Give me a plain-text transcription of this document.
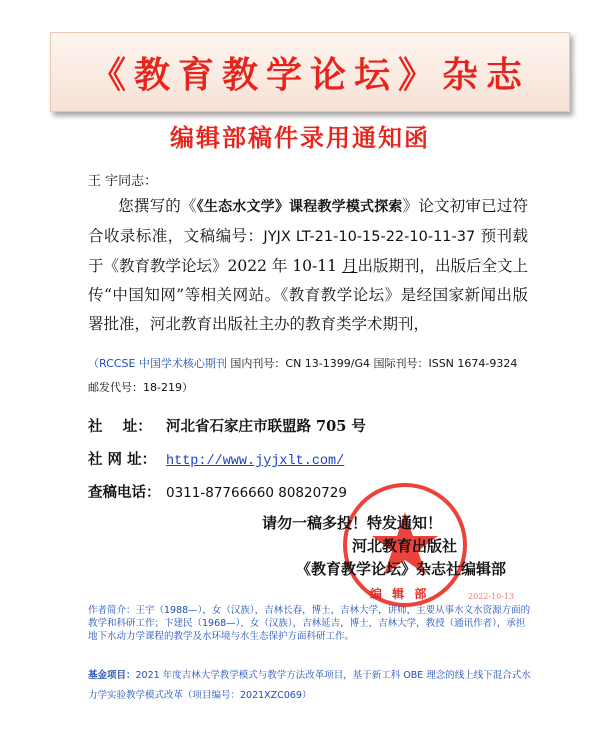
《教育教学论坛》杂志
编辑部稿件录用通知函
王 宇同志：
您撰写的《《生态水文学》课程教学模式探索》论文初审已过符合收录标准，文稿编号：JYJX LT-21-10-15-22-10-11-37 预刊载于《教育教学论坛》2022 年 10-11 月出版期刊，出版后全文上传“中国知网”等相关网站。《教育教学论坛》是经国家新闻出版署批准，河北教育出版社主办的教育类学术期刊，
（RCCSE 中国学术核心期刊 国内刊号：CN 13-1399/G4 国际刊号：ISSN 1674-9324 邮发代号：18-219）
社    址： 河北省石家庄市联盟路 705 号
社 网 址： http://www.jyjxlt.com/
查稿电话： 0311-87766660 80820729
请勿一稿多投！特发通知！
河北教育出版社
《教育教学论坛》杂志社编辑部
编 辑 部	2022-10-13
作者简介：王宇（1988—），女（汉族），吉林长春，博士，吉林大学，讲师，主要从事水文水资源方面的教学和科研工作；卞建民（1968—），女（汉族），吉林延吉，博士，吉林大学，教授（通讯作者），承担地下水动力学课程的教学及水环境与水生态保护方面科研工作。
基金项目：2021 年度吉林大学教学模式与教学方法改革项目，基于新工科 OBE 理念的线上线下混合式水力学实验教学模式改革（项目编号：2021XZC069）
